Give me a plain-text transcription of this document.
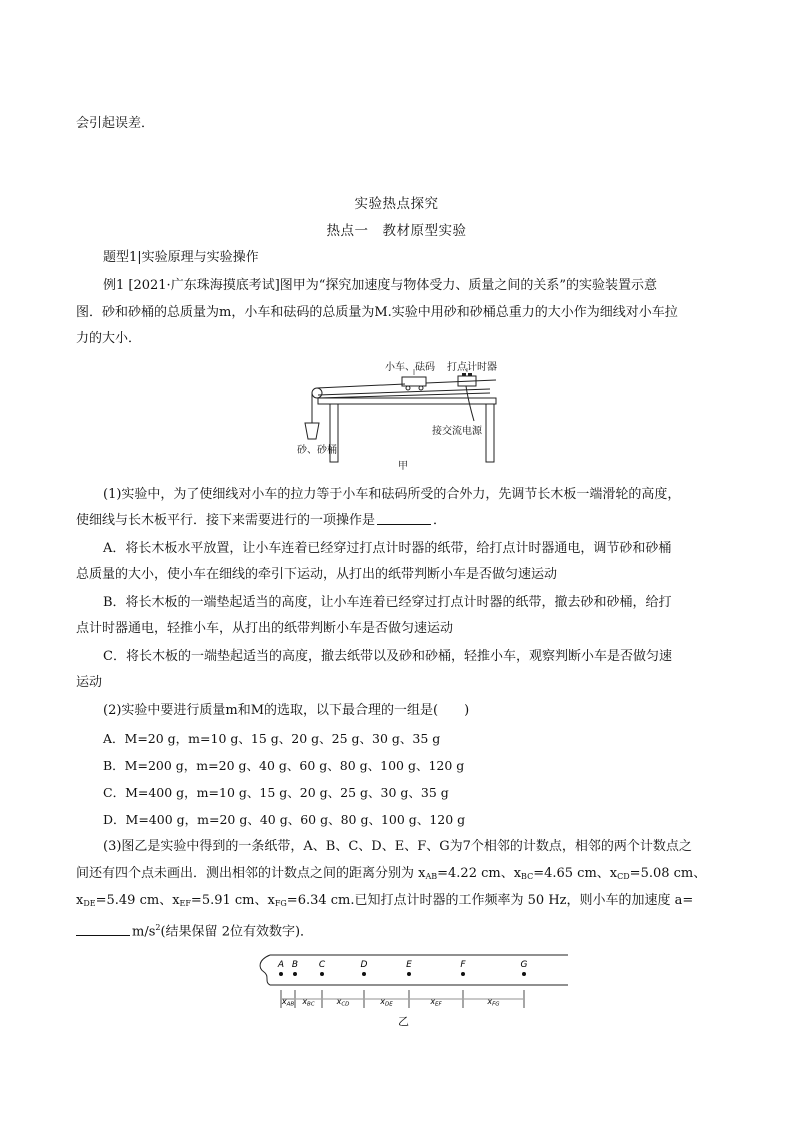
会引起误差．
实验热点探究
热点一　教材原型实验
题型1|实验原理与实验操作
例1 [2021·广东珠海摸底考试]图甲为“探究加速度与物体受力、质量之间的关系”的实验装置示意
图．砂和砂桶的总质量为m，小车和砝码的总质量为M.实验中用砂和砂桶总重力的大小作为细线对小车拉
力的大小．
小车、砝码 打点计时器
接交流电源
砂、砂桶
甲
(1)实验中，为了使细线对小车的拉力等于小车和砝码所受的合外力，先调节长木板一端滑轮的高度，
使细线与长木板平行．接下来需要进行的一项操作是	．
A．将长木板水平放置，让小车连着已经穿过打点计时器的纸带，给打点计时器通电，调节砂和砂桶
总质量的大小，使小车在细线的牵引下运动，从打出的纸带判断小车是否做匀速运动
B．将长木板的一端垫起适当的高度，让小车连着已经穿过打点计时器的纸带，撤去砂和砂桶，给打
点计时器通电，轻推小车，从打出的纸带判断小车是否做匀速运动
C．将长木板的一端垫起适当的高度，撤去纸带以及砂和砂桶，轻推小车，观察判断小车是否做匀速
运动
(2)实验中要进行质量m和M的选取，以下最合理的一组是(　　)
A．M=20 g，m=10 g、15 g、20 g、25 g、30 g、35 g
B．M=200 g，m=20 g、40 g、60 g、80 g、100 g、120 g
C．M=400 g，m=10 g、15 g、20 g、25 g、30 g、35 g
D．M=400 g，m=20 g、40 g、60 g、80 g、100 g、120 g
(3)图乙是实验中得到的一条纸带，A、B、C、D、E、F、G为7个相邻的计数点，相邻的两个计数点之
间还有四个点未画出．测出相邻的计数点之间的距离分别为 $x_{AB}=4.22$ cm、$x_{BC}=4.65$ cm、$x_{CD}=5.08$ cm、
$x_{DE}=5.49$ cm、$x_{EF}=5.91$ cm、$x_{FG}=6.34$ cm.已知打点计时器的工作频率为 50 Hz，则小车的加速度 a=
$m/s^2$(结果保留 2位有效数字)．
A B C	D	E	F	G
xAB xBC	xCD	xDE	xEF	xFG
乙
